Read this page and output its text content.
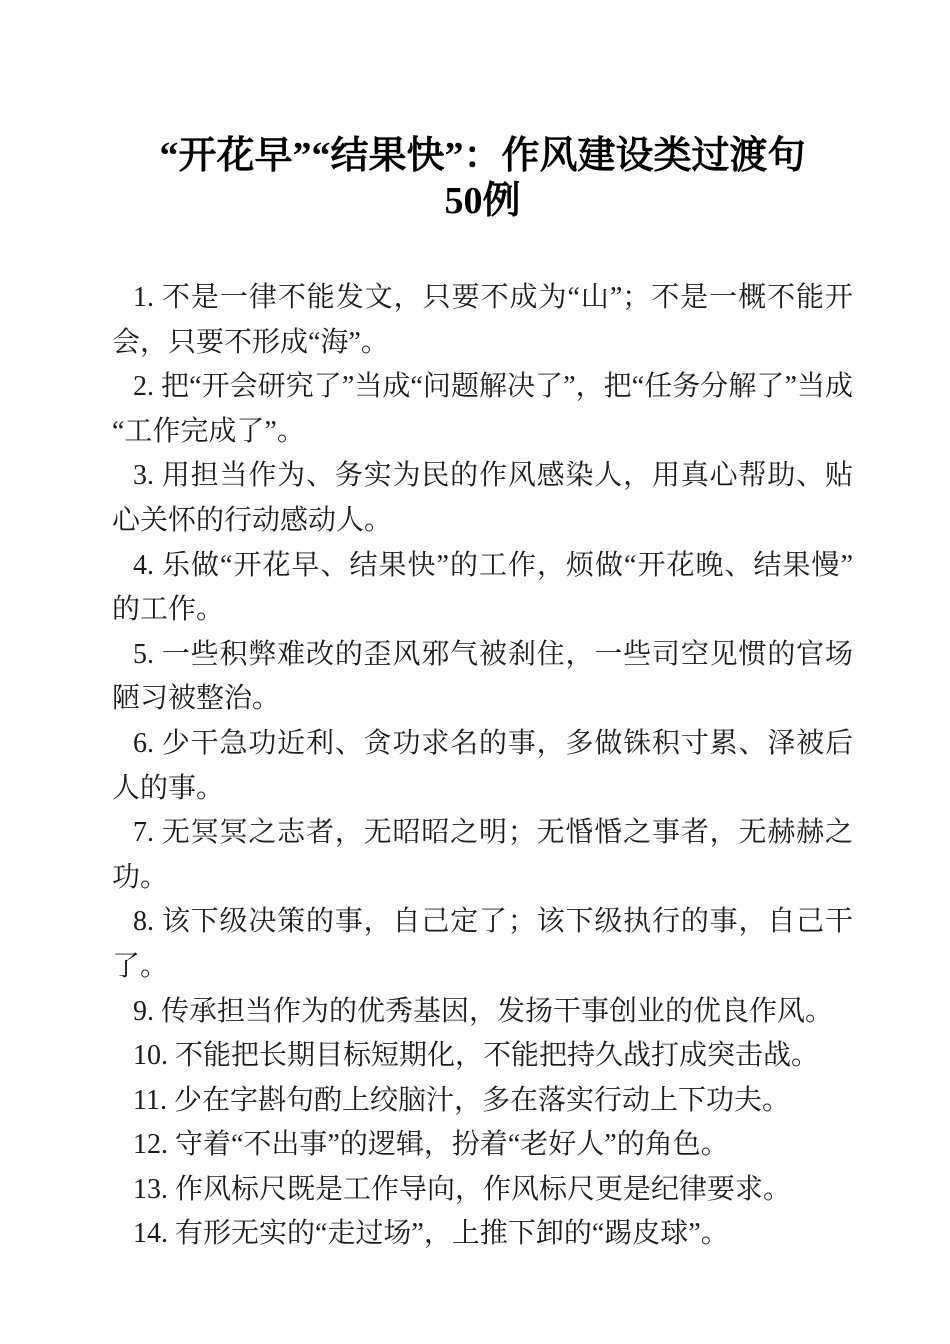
“开花早”“结果快”：作风建设类过渡句
50例

1. 不是一律不能发文，只要不成为“山”；不是一概不能开会，只要不形成“海”。

2. 把“开会研究了”当成“问题解决了”，把“任务分解了”当成“工作完成了”。

3. 用担当作为、务实为民的作风感染人，用真心帮助、贴心关怀的行动感动人。

4. 乐做“开花早、结果快”的工作，烦做“开花晚、结果慢”的工作。

5. 一些积弊难改的歪风邪气被刹住，一些司空见惯的官场陋习被整治。

6. 少干急功近利、贪功求名的事，多做铢积寸累、泽被后人的事。

7. 无冥冥之志者，无昭昭之明；无惛惛之事者，无赫赫之功。

8. 该下级决策的事，自己定了；该下级执行的事，自己干了。

9. 传承担当作为的优秀基因，发扬干事创业的优良作风。

10. 不能把长期目标短期化，不能把持久战打成突击战。

11. 少在字斟句酌上绞脑汁，多在落实行动上下功夫。

12. 守着“不出事”的逻辑，扮着“老好人”的角色。

13. 作风标尺既是工作导向，作风标尺更是纪律要求。

14. 有形无实的“走过场”，上推下卸的“踢皮球”。
